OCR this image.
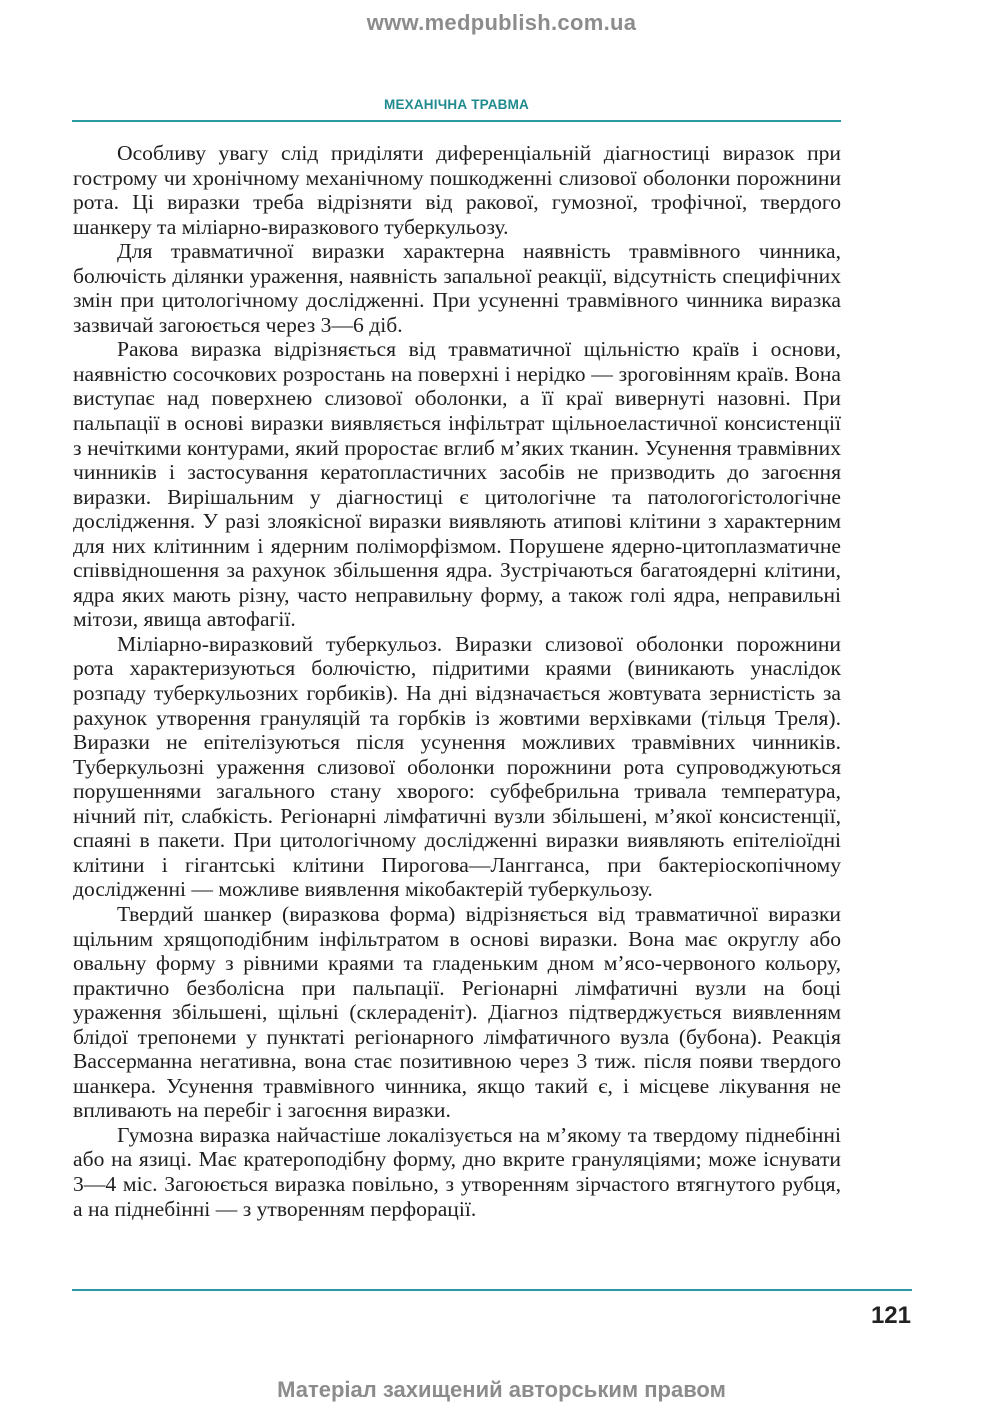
www.medpublish.com.ua
МЕХАНІЧНА ТРАВМА

Особливу увагу слід приділяти диференціальній діагностиці виразок при гострому чи хронічному механічному пошкодженні слизової оболонки порожнини рота. Ці виразки треба відрізняти від ракової, гумозної, трофічної, твердого шанкеру та міліарно-виразкового туберкульозу.

Для травматичної виразки характерна наявність травмівного чинника, болючість ділянки ураження, наявність запальної реакції, відсутність специфічних змін при цитологічному дослідженні. При усуненні травмівного чинника виразка зазвичай загоюється через 3—6 діб.

Ракова виразка відрізняється від травматичної щільністю країв і основи, наявністю сосочкових розростань на поверхні і нерідко — зроговінням країв. Вона виступає над поверхнею слизової оболонки, а її краї вивернуті назовні. При пальпації в основі виразки виявляється інфільтрат щільноеластичної консистенції з нечіткими контурами, який проростає вглиб м’яких тканин. Усунення травмівних чинників і застосування кератопластичних засобів не призводить до загоєння виразки. Вирішальним у діагностиці є цитологічне та патологогістологічне дослідження. У разі злоякісної виразки виявляють атипові клітини з характерним для них клітинним і ядерним поліморфізмом. Порушене ядерно-цитоплазматичне співвідношення за рахунок збільшення ядра. Зустрічаються багатоядерні клітини, ядра яких мають різну, часто неправильну форму, а також голі ядра, неправильні мітози, явища автофагії.

Міліарно-виразковий туберкульоз. Виразки слизової оболонки порожнини рота характеризуються болючістю, підритими краями (виникають унаслідок розпаду туберкульозних горбиків). На дні відзначається жовтувата зернистість за рахунок утворення грануляцій та горбків із жовтими верхівками (тільця Треля). Виразки не епітелізуються після усунення можливих травмівних чинників. Туберкульозні ураження слизової оболонки порожнини рота супроводжуються порушеннями загального стану хворого: субфебрильна тривала температура, нічний піт, слабкість. Регіонарні лімфатичні вузли збільшені, м’якої консистенції, спаяні в пакети. При цитологічному дослідженні виразки виявляють епітеліоїдні клітини і гігантські клітини Пирогова—Лангганса, при бактеріоскопічному дослідженні — можливе виявлення мікобактерій туберкульозу.

Твердий шанкер (виразкова форма) відрізняється від травматичної виразки щільним хрящоподібним інфільтратом в основі виразки. Вона має округлу або овальну форму з рівними краями та гладеньким дном м’ясо-червоного кольору, практично безболісна при пальпації. Регіонарні лімфатичні вузли на боці ураження збільшені, щільні (склераденіт). Діагноз підтверджується виявленням блідої трепонеми у пунктаті регіонарного лімфатичного вузла (бубона). Реакція Вассерманна негативна, вона стає позитивною через 3 тиж. після появи твердого шанкера. Усунення травмівного чинника, якщо такий є, і місцеве лікування не впливають на перебіг і загоєння виразки.

Гумозна виразка найчастіше локалізується на м’якому та твердому піднебінні або на язиці. Має кратероподібну форму, дно вкрите грануляціями; може існувати 3—4 міс. Загоюється виразка повільно, з утворенням зірчастого втягнутого рубця, а на піднебінні — з утворенням перфорації.

121
Матеріал захищений авторським правом
